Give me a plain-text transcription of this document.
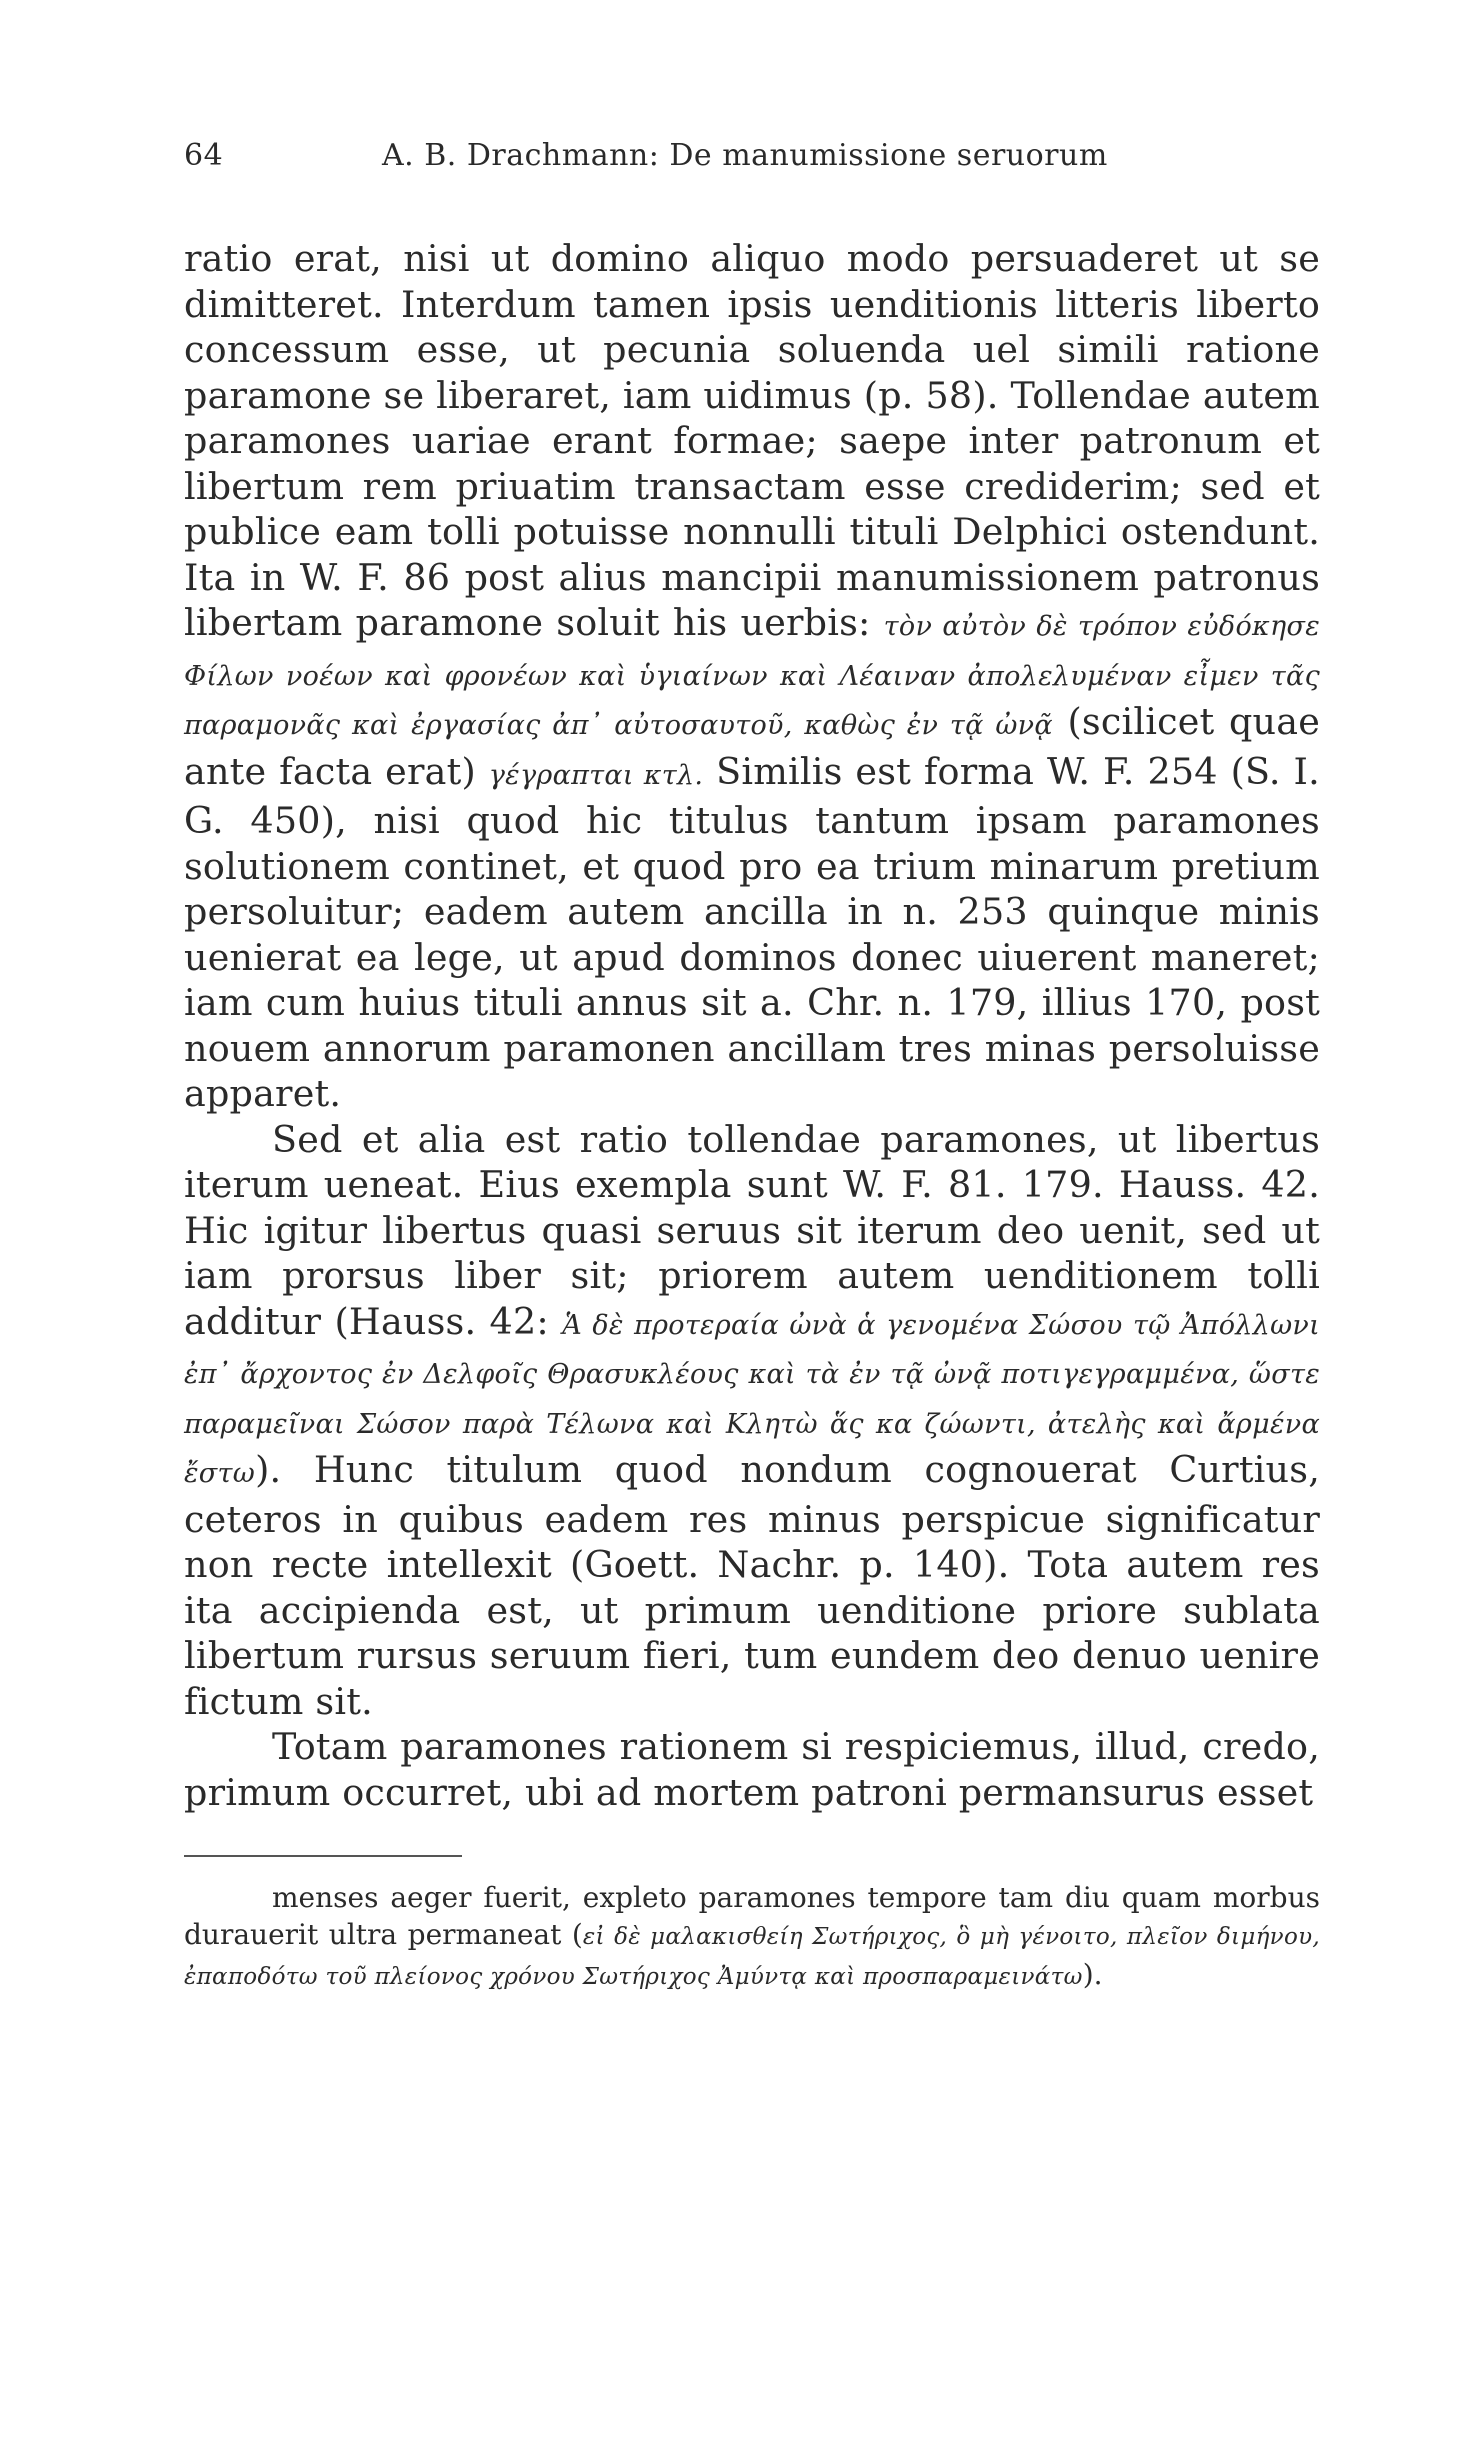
64	A. B. Drachmann: De manumissione seruorum

ratio erat, nisi ut domino aliquo modo persuaderet ut se dimitteret. Interdum tamen ipsis uenditionis litteris liberto concessum esse, ut pecunia soluenda uel simili ratione paramone se liberaret, iam uidimus (p. 58). Tollendae autem paramones uariae erant formae; saepe inter patronum et libertum rem priuatim transactam esse crediderim; sed et publice eam tolli potuisse nonnulli tituli Delphici ostendunt. Ita in W. F. 86 post alius mancipii manumissionem patronus libertam paramone soluit his uerbis: τὸν αὐτὸν δὲ τρόπον εὐδόκησε Φίλων νοέων καὶ φρονέων καὶ ὑγιαίνων καὶ Λέαιναν ἀπολελυμέναν εἶμεν τᾶς παραμονᾶς καὶ ἐργασίας ἀπ᾽ αὐτοσαυτοῦ, καθὼς ἐν τᾷ ὠνᾷ (scilicet quae ante facta erat) γέγραπται κτλ. Similis est forma W. F. 254 (S. I. G. 450), nisi quod hic titulus tantum ipsam paramones solutionem continet, et quod pro ea trium minarum pretium persoluitur; eadem autem ancilla in n. 253 quinque minis uenierat ea lege, ut apud dominos donec uiuerent maneret; iam cum huius tituli annus sit a. Chr. n. 179, illius 170, post nouem annorum paramonen ancillam tres minas persoluisse apparet.

Sed et alia est ratio tollendae paramones, ut libertus iterum ueneat. Eius exempla sunt W. F. 81. 179. Hauss. 42. Hic igitur libertus quasi seruus sit iterum deo uenit, sed ut iam prorsus liber sit; priorem autem uenditionem tolli additur (Hauss. 42: Ἁ δὲ προτεραία ὠνὰ ἁ γενομένα Σώσου τῷ Ἀπόλλωνι ἐπ᾽ ἄρχοντος ἐν Δελφοῖς Θρασυκλέους καὶ τὰ ἐν τᾷ ὠνᾷ ποτιγεγραμμένα, ὥστε παραμεῖναι Σώσον παρὰ Τέλωνα καὶ Κλητὼ ἅς κα ζώωντι, ἀτελὴς καὶ ἄρμένα ἔστω). Hunc titulum quod nondum cognouerat Curtius, ceteros in quibus eadem res minus perspicue significatur non recte intellexit (Goett. Nachr. p. 140). Tota autem res ita accipienda est, ut primum uenditione priore sublata libertum rursus seruum fieri, tum eundem deo denuo uenire fictum sit.

Totam paramones rationem si respiciemus, illud, credo, primum occurret, ubi ad mortem patroni permansurus esset

menses aeger fuerit, expleto paramones tempore tam diu quam morbus durauerit ultra permaneat (εἰ δὲ μαλακισθείη Σωτήριχος, ὃ μὴ γένοιτο, πλεῖον διμήνου, ἐπαποδότω τοῦ πλείονος χρόνου Σωτήριχος Ἀμύντᾳ καὶ προσπαραμεινάτω).
